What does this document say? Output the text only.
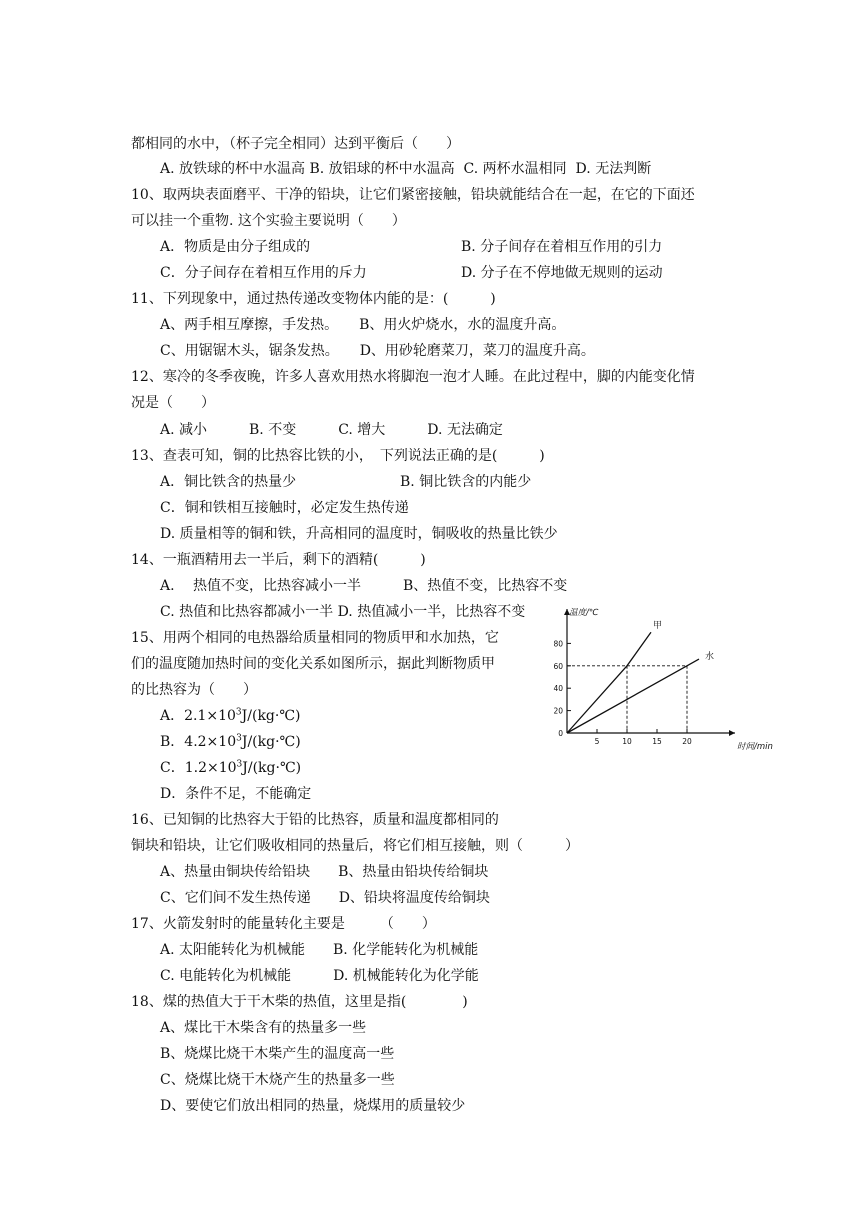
都相同的水中，（杯子完全相同）达到平衡后（　　）
A. 放铁球的杯中水温高 B. 放铝球的杯中水温高  C. 两杯水温相同  D. 无法判断
10、取两块表面磨平、干净的铅块，让它们紧密接触，铅块就能结合在一起，在它的下面还
可以挂一个重物. 这个实验主要说明（　　）
A．物质是由分子组成的	B. 分子间存在着相互作用的引力
C．分子间存在着相互作用的斥力	D. 分子在不停地做无规则的运动
11、下列现象中，通过热传递改变物体内能的是：(　　　)
A、两手相互摩擦，手发热。　　B、用火炉烧水，水的温度升高。
C、用锯锯木头，锯条发热。　　D、用砂轮磨菜刀，菜刀的温度升高。
12、寒冷的冬季夜晚，许多人喜欢用热水将脚泡一泡才人睡。在此过程中，脚的内能变化情
况是（　　）
A. 减小　　　B. 不变　　　C. 增大　　　D. 无法确定
13、查表可知，铜的比热容比铁的小，　下列说法正确的是(　　　)
A．铜比铁含的热量少	B. 铜比铁含的内能少
C．铜和铁相互接触时，必定发生热传递
D. 质量相等的铜和铁，升高相同的温度时，铜吸收的热量比铁少
14、一瓶酒精用去一半后，剩下的酒精(　　　)
A.　 热值不变，比热容减小一半　　　B、热值不变，比热容不变
C. 热值和比热容都减小一半 D. 热值减小一半，比热容不变
15、用两个相同的电热器给质量相同的物质甲和水加热，它
们的温度随加热时间的变化关系如图所示，据此判断物质甲
的比热容为（　　）
A．$2.1\times 10^3J/(kg\cdot℃)$
B．$4.2\times 10^3J/(kg\cdot℃)$
C．$1.2\times 10^3J/(kg\cdot℃)$
D．条件不足，不能确定
0
20
40
60
80
5	10	15	20
甲
水
温度/℃
时间/min
16、已知铜的比热容大于铅的比热容，质量和温度都相同的
铜块和铅块，让它们吸收相同的热量后，将它们相互接触，则（　　　）
A、热量由铜块传给铅块　　B、热量由铅块传给铜块
C、它们间不发生热传递　　D、铅块将温度传给铜块
17、火箭发射时的能量转化主要是　　　（　　）
A. 太阳能转化为机械能　　B. 化学能转化为机械能
C. 电能转化为机械能　　　D. 机械能转化为化学能
18、煤的热值大于干木柴的热值，这里是指(　　　　)
A、煤比干木柴含有的热量多一些
B、烧煤比烧干木柴产生的温度高一些
C、烧煤比烧干木烧产生的热量多一些
D、要使它们放出相同的热量，烧煤用的质量较少
